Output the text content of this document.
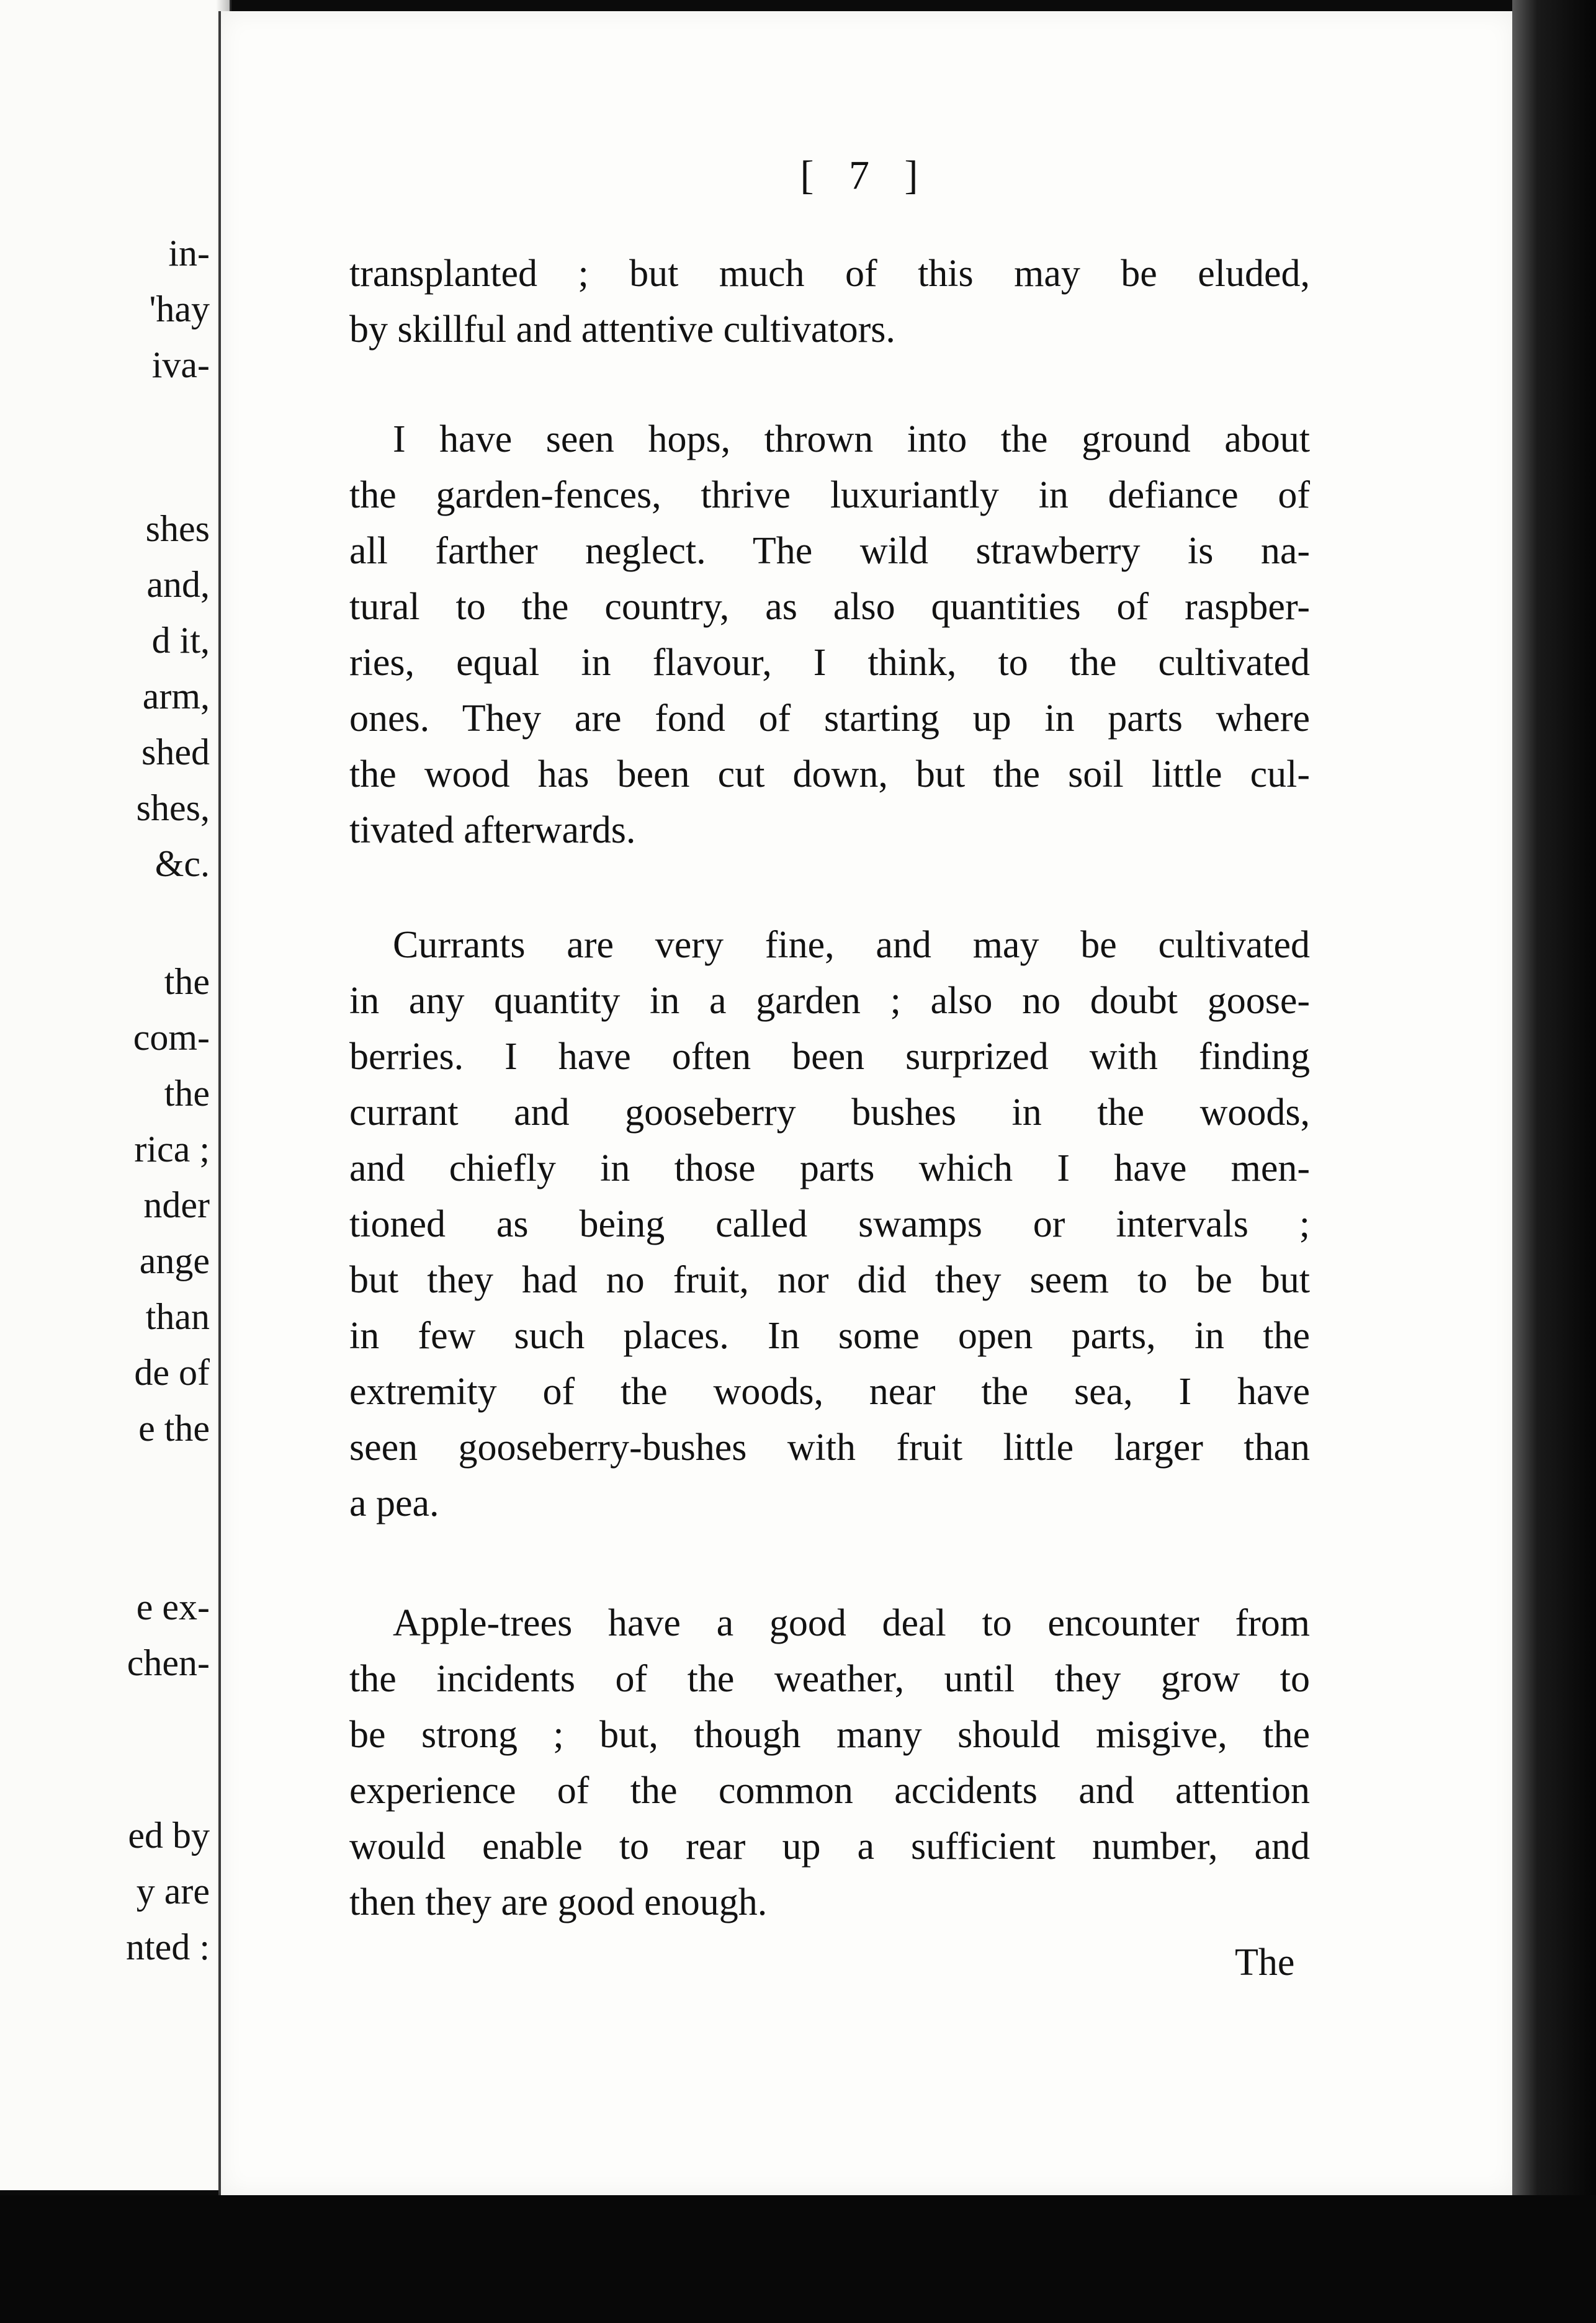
in-
'hay
iva-
shes
and,
d it,
arm,
shed
shes,
&c.
the
com-
the
rica ;
nder
ange
than
de of
e the
e ex-
chen-
ed by
y are
nted :
[ 7 ]
transplanted ; but much of this may be eluded,
by skillful and attentive cultivators.
I have seen hops, thrown into the ground about
the garden-fences, thrive luxuriantly in defiance of
all farther neglect. The wild strawberry is na-
tural to the country, as also quantities of raspber-
ries, equal in flavour, I think, to the cultivated
ones. They are fond of starting up in parts where
the wood has been cut down, but the soil little cul-
tivated afterwards.
Currants are very fine, and may be cultivated
in any quantity in a garden ; also no doubt goose-
berries. I have often been surprized with finding
currant and gooseberry bushes in the woods,
and chiefly in those parts which I have men-
tioned as being called swamps or intervals ;
but they had no fruit, nor did they seem to be but
in few such places. In some open parts, in the
extremity of the woods, near the sea, I have
seen gooseberry-bushes with fruit little larger than
a pea.
Apple-trees have a good deal to encounter from
the incidents of the weather, until they grow to
be strong ; but, though many should misgive, the
experience of the common accidents and attention
would enable to rear up a sufficient number, and
then they are good enough.
The
